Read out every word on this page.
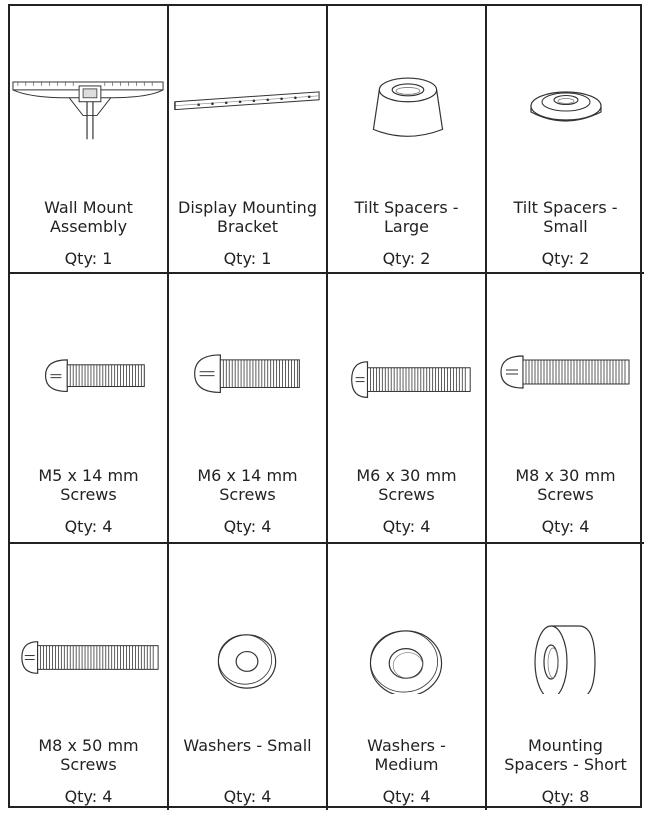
Wall Mount
Assembly
Qty: 1
Display Mounting
Bracket
Qty: 1
Tilt Spacers -
Large
Qty: 2
Tilt Spacers -
Small
Qty: 2
M5 x 14 mm
Screws
Qty: 4
M6 x 14 mm
Screws
Qty: 4
M6 x 30 mm
Screws
Qty: 4
M8 x 30 mm
Screws
Qty: 4
M8 x 50 mm
Screws
Qty: 4
Washers - Small
Qty: 4
Washers -
Medium
Qty: 4
Mounting
Spacers - Short
Qty: 8
